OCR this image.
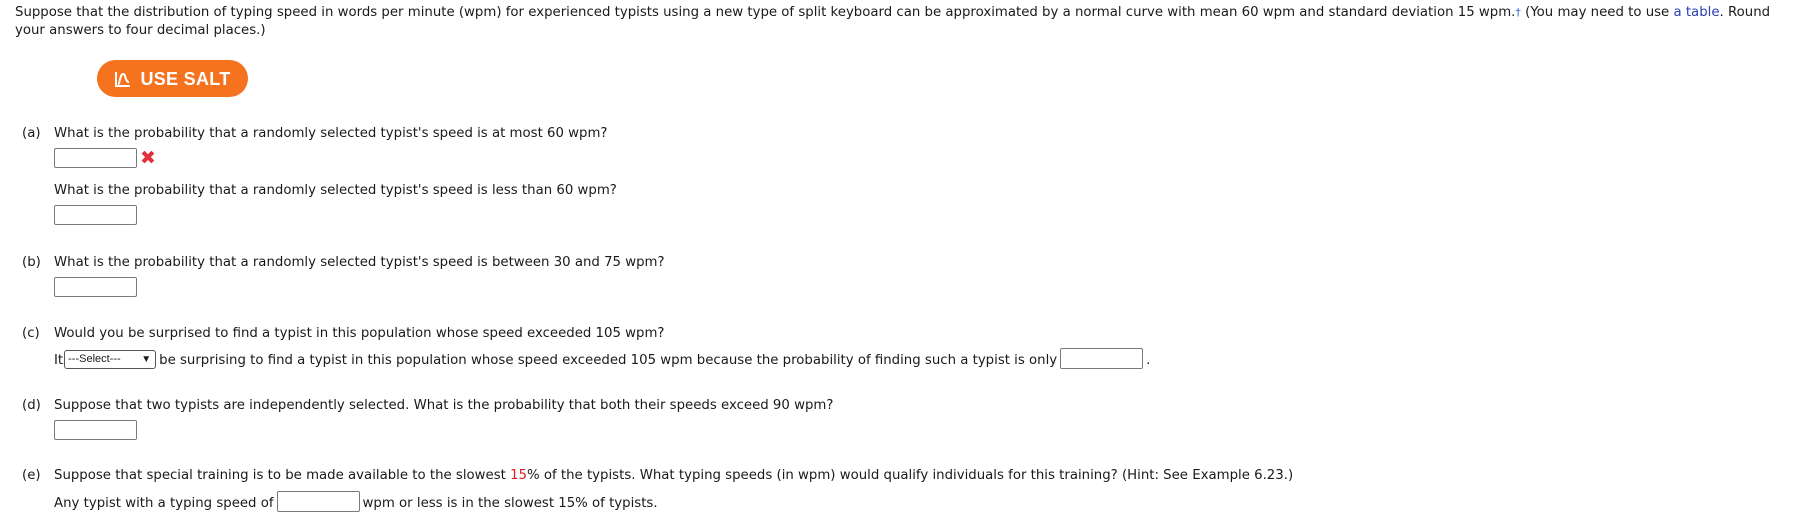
Suppose that the distribution of typing speed in words per minute (wpm) for experienced typists using a new type of split keyboard can be approximated by a normal curve with mean 60 wpm and standard deviation 15 wpm.† (You may need to use a table. Round your answers to four decimal places.)
USE SALT
(a)	What is the probability that a randomly selected typist's speed is at most 60 wpm?
✖
What is the probability that a randomly selected typist's speed is less than 60 wpm?
(b) What is the probability that a randomly selected typist's speed is between 30 and 75 wpm?
(c)	Would you be surprised to find a typist in this population whose speed exceeded 105 wpm?
It ---Select--- ▼ be surprising to find a typist in this population whose speed exceeded 105 wpm because the probability of finding such a typist is only	.
(d) Suppose that two typists are independently selected. What is the probability that both their speeds exceed 90 wpm?
(e)	Suppose that special training is to be made available to the slowest 15% of the typists. What typing speeds (in wpm) would qualify individuals for this training? (Hint: See Example 6.23.)
Any typist with a typing speed of	wpm or less is in the slowest 15% of typists.
